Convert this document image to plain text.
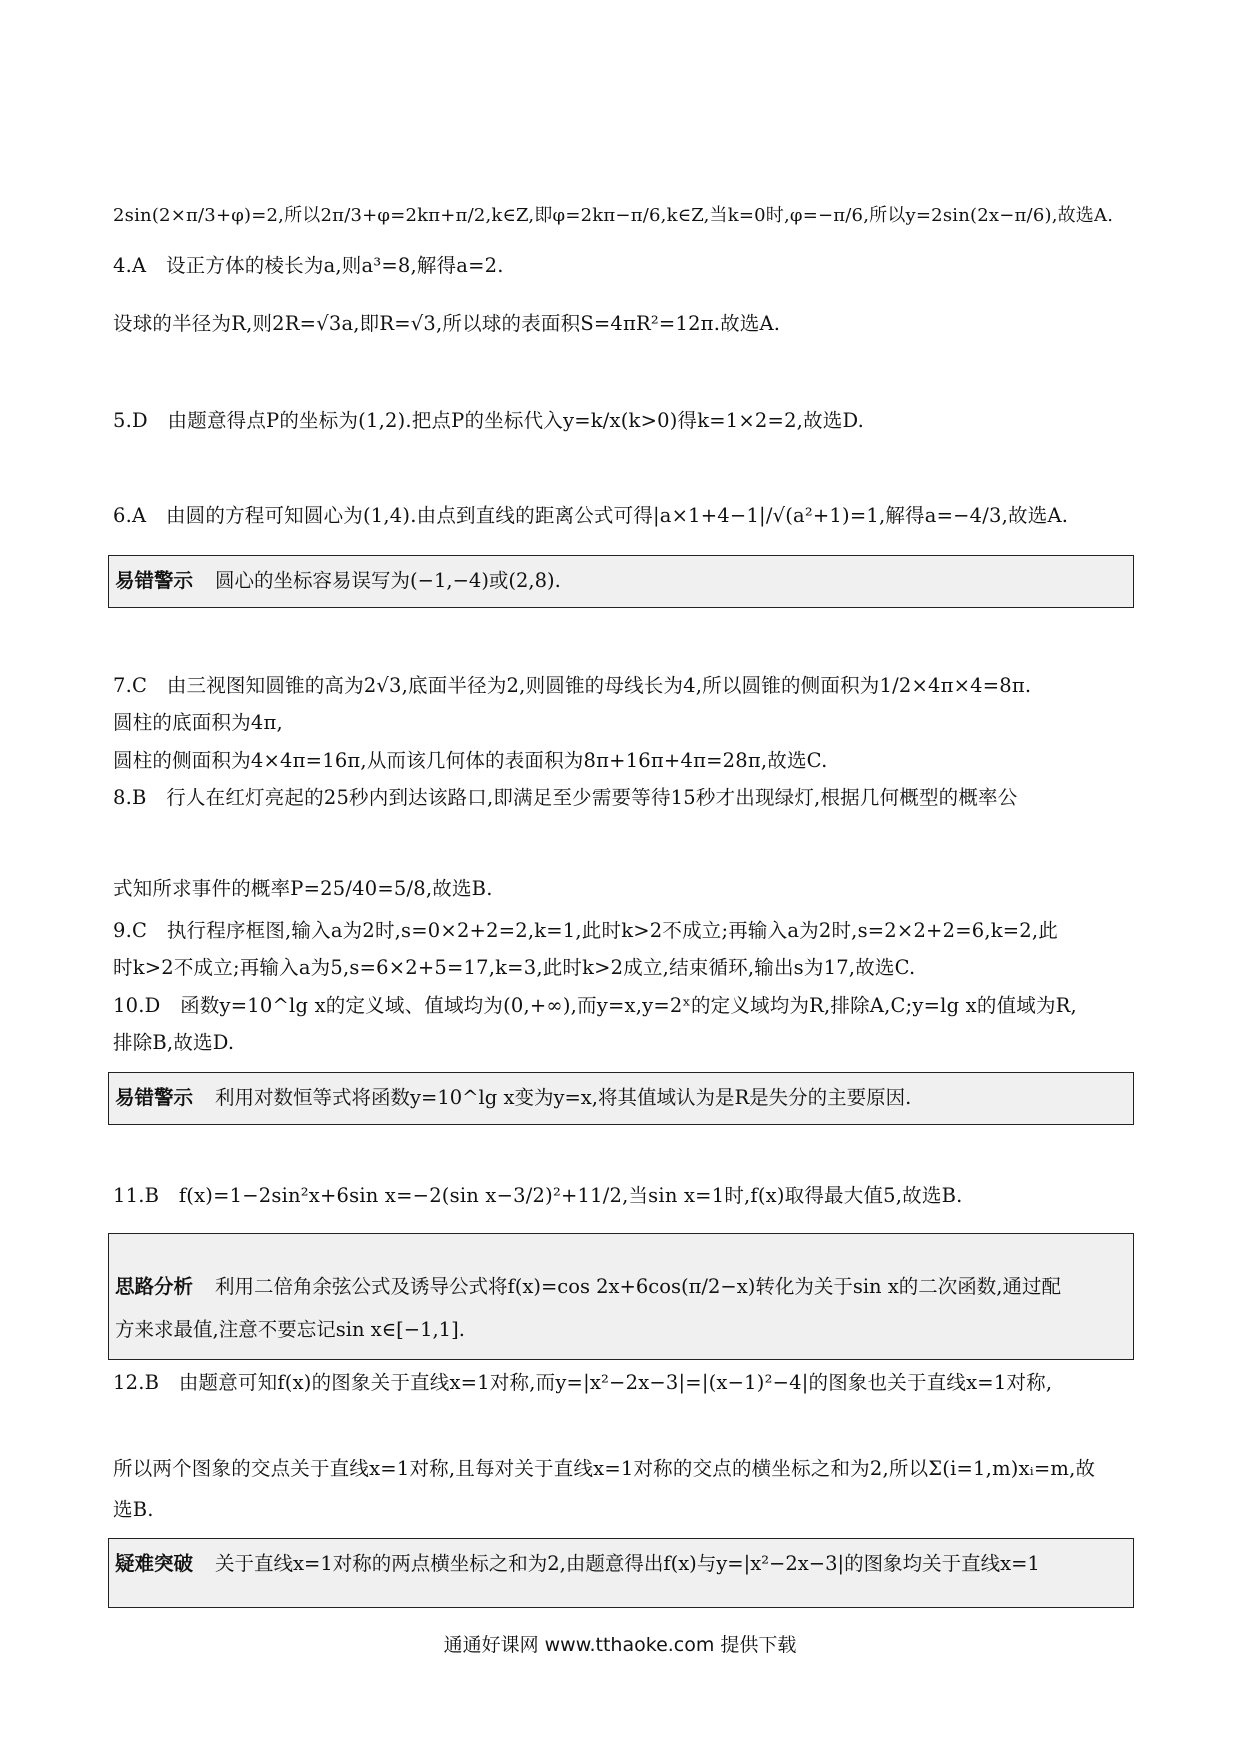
2sin(2×π/3+φ)=2,所以2π/3+φ=2kπ+π/2,k∈Z,即φ=2kπ−π/6,k∈Z,当k=0时,φ=−π/6,所以y=2sin(2x−π/6),故选A.
4.A　设正方体的棱长为a,则a³=8,解得a=2.
设球的半径为R,则2R=√3a,即R=√3,所以球的表面积S=4πR²=12π.故选A.
5.D　由题意得点P的坐标为(1,2).把点P的坐标代入y=k/x(k>0)得k=1×2=2,故选D.
6.A　由圆的方程可知圆心为(1,4).由点到直线的距离公式可得|a×1+4−1|/√(a²+1)=1,解得a=−4/3,故选A.
7.C　由三视图知圆锥的高为2√3,底面半径为2,则圆锥的母线长为4,所以圆锥的侧面积为1/2×4π×4=8π.
圆柱的底面积为4π,
圆柱的侧面积为4×4π=16π,从而该几何体的表面积为8π+16π+4π=28π,故选C.
8.B　行人在红灯亮起的25秒内到达该路口,即满足至少需要等待15秒才出现绿灯,根据几何概型的概率公
式知所求事件的概率P=25/40=5/8,故选B.
9.C　执行程序框图,输入a为2时,s=0×2+2=2,k=1,此时k>2不成立;再输入a为2时,s=2×2+2=6,k=2,此
时k>2不成立;再输入a为5,s=6×2+5=17,k=3,此时k>2成立,结束循环,输出s为17,故选C.
10.D　函数y=10^lg x的定义域、值域均为(0,+∞),而y=x,y=2ˣ的定义域均为R,排除A,C;y=lg x的值域为R,
排除B,故选D.
11.B　f(x)=1−2sin²x+6sin x=−2(sin x−3/2)²+11/2,当sin x=1时,f(x)取得最大值5,故选B.
12.B　由题意可知f(x)的图象关于直线x=1对称,而y=|x²−2x−3|=|(x−1)²−4|的图象也关于直线x=1对称,
所以两个图象的交点关于直线x=1对称,且每对关于直线x=1对称的交点的横坐标之和为2,所以Σ(i=1,m)xᵢ=m,故
选B.
易错警示 圆心的坐标容易误写为(−1,−4)或(2,8).
易错警示 利用对数恒等式将函数y=10^lg x变为y=x,将其值域认为是R是失分的主要原因.
思路分析 利用二倍角余弦公式及诱导公式将f(x)=cos 2x+6cos(π/2−x)转化为关于sin x的二次函数,通过配
方来求最值,注意不要忘记sin x∈[−1,1].
疑难突破 关于直线x=1对称的两点横坐标之和为2,由题意得出f(x)与y=|x²−2x−3|的图象均关于直线x=1
通通好课网 www.tthaoke.com 提供下载
